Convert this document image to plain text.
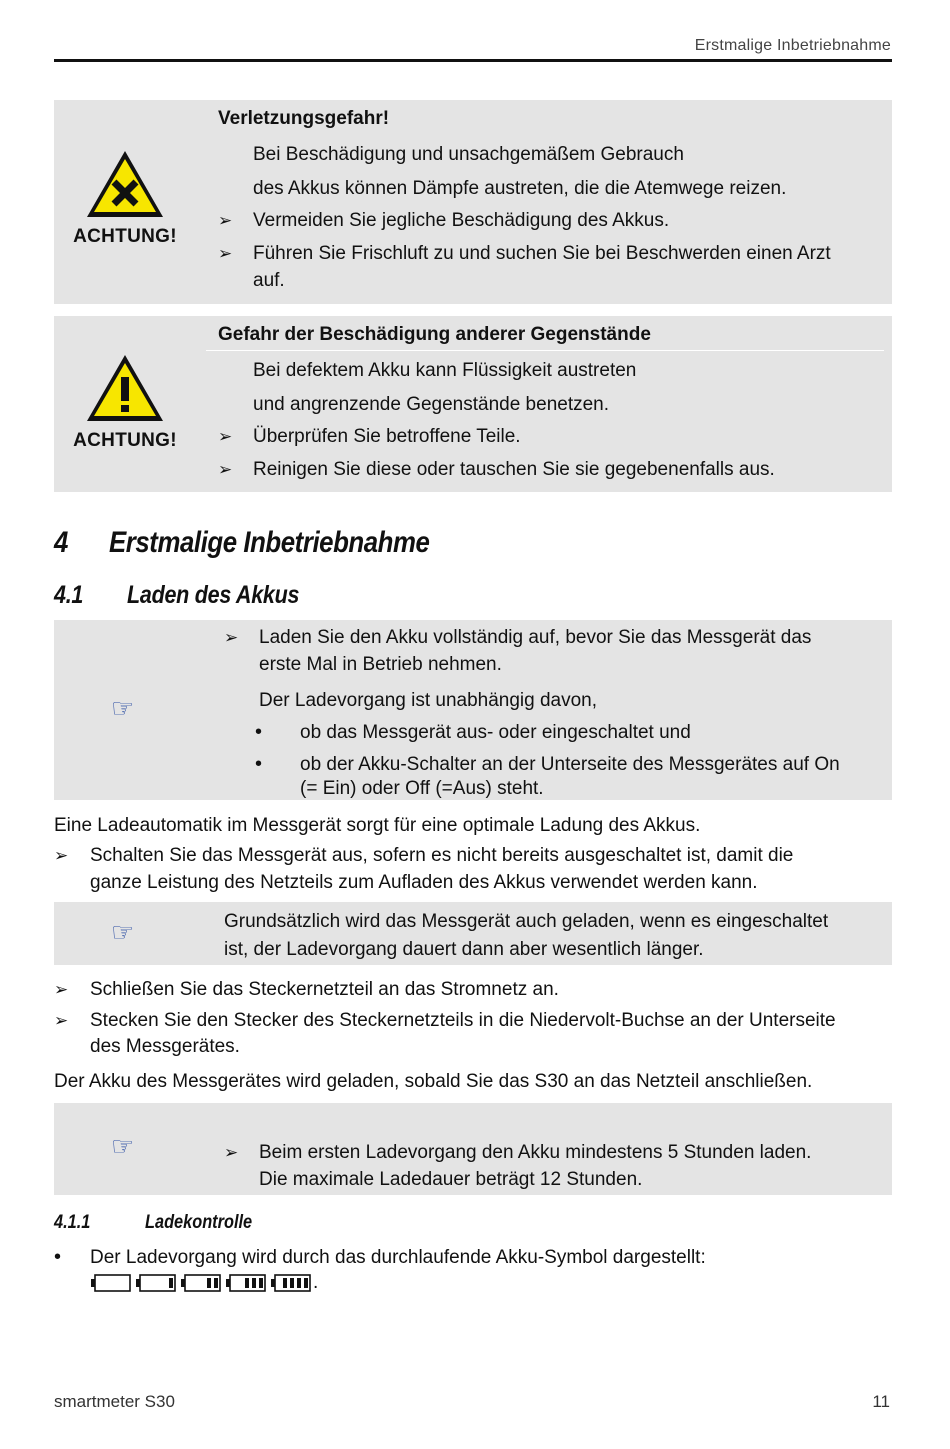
Erstmalige Inbetriebnahme
ACHTUNG!
Verletzungsgefahr!
Bei Beschädigung und unsachgemäßem Gebrauch
des Akkus können Dämpfe austreten, die die Atemwege reizen.
➢ Vermeiden Sie jegliche Beschädigung des Akkus.
➢ Führen Sie Frischluft zu und suchen Sie bei Beschwerden einen Arzt
auf.
ACHTUNG!
Gefahr der Beschädigung anderer Gegenstände
Bei defektem Akku kann Flüssigkeit austreten
und angrenzende Gegenstände benetzen.
➢ Überprüfen Sie betroffene Teile.
➢ Reinigen Sie diese oder tauschen Sie sie gegebenenfalls aus.
4 Erstmalige Inbetriebnahme
4.1 Laden des Akkus
☞
➢ Laden Sie den Akku vollständig auf, bevor Sie das Messgerät das
erste Mal in Betrieb nehmen.
Der Ladevorgang ist unabhängig davon,
• ob das Messgerät aus- oder eingeschaltet und
• ob der Akku-Schalter an der Unterseite des Messgerätes auf On
(= Ein) oder Off (=Aus) steht.
Eine Ladeautomatik im Messgerät sorgt für eine optimale Ladung des Akkus.
➢ Schalten Sie das Messgerät aus, sofern es nicht bereits ausgeschaltet ist, damit die
ganze Leistung des Netzteils zum Aufladen des Akkus verwendet werden kann.
☞	Grundsätzlich wird das Messgerät auch geladen, wenn es eingeschaltet
ist, der Ladevorgang dauert dann aber wesentlich länger.
➢ Schließen Sie das Steckernetzteil an das Stromnetz an.
➢ Stecken Sie den Stecker des Steckernetzteils in die Niedervolt-Buchse an der Unterseite
des Messgerätes.
Der Akku des Messgerätes wird geladen, sobald Sie das S30 an das Netzteil anschließen.
☞	➢ Beim ersten Ladevorgang den Akku mindestens 5 Stunden laden.
Die maximale Ladedauer beträgt 12 Stunden.
4.1.1	Ladekontrolle
• Der Ladevorgang wird durch das durchlaufende Akku-Symbol dargestellt:
.
smartmeter S30	11
